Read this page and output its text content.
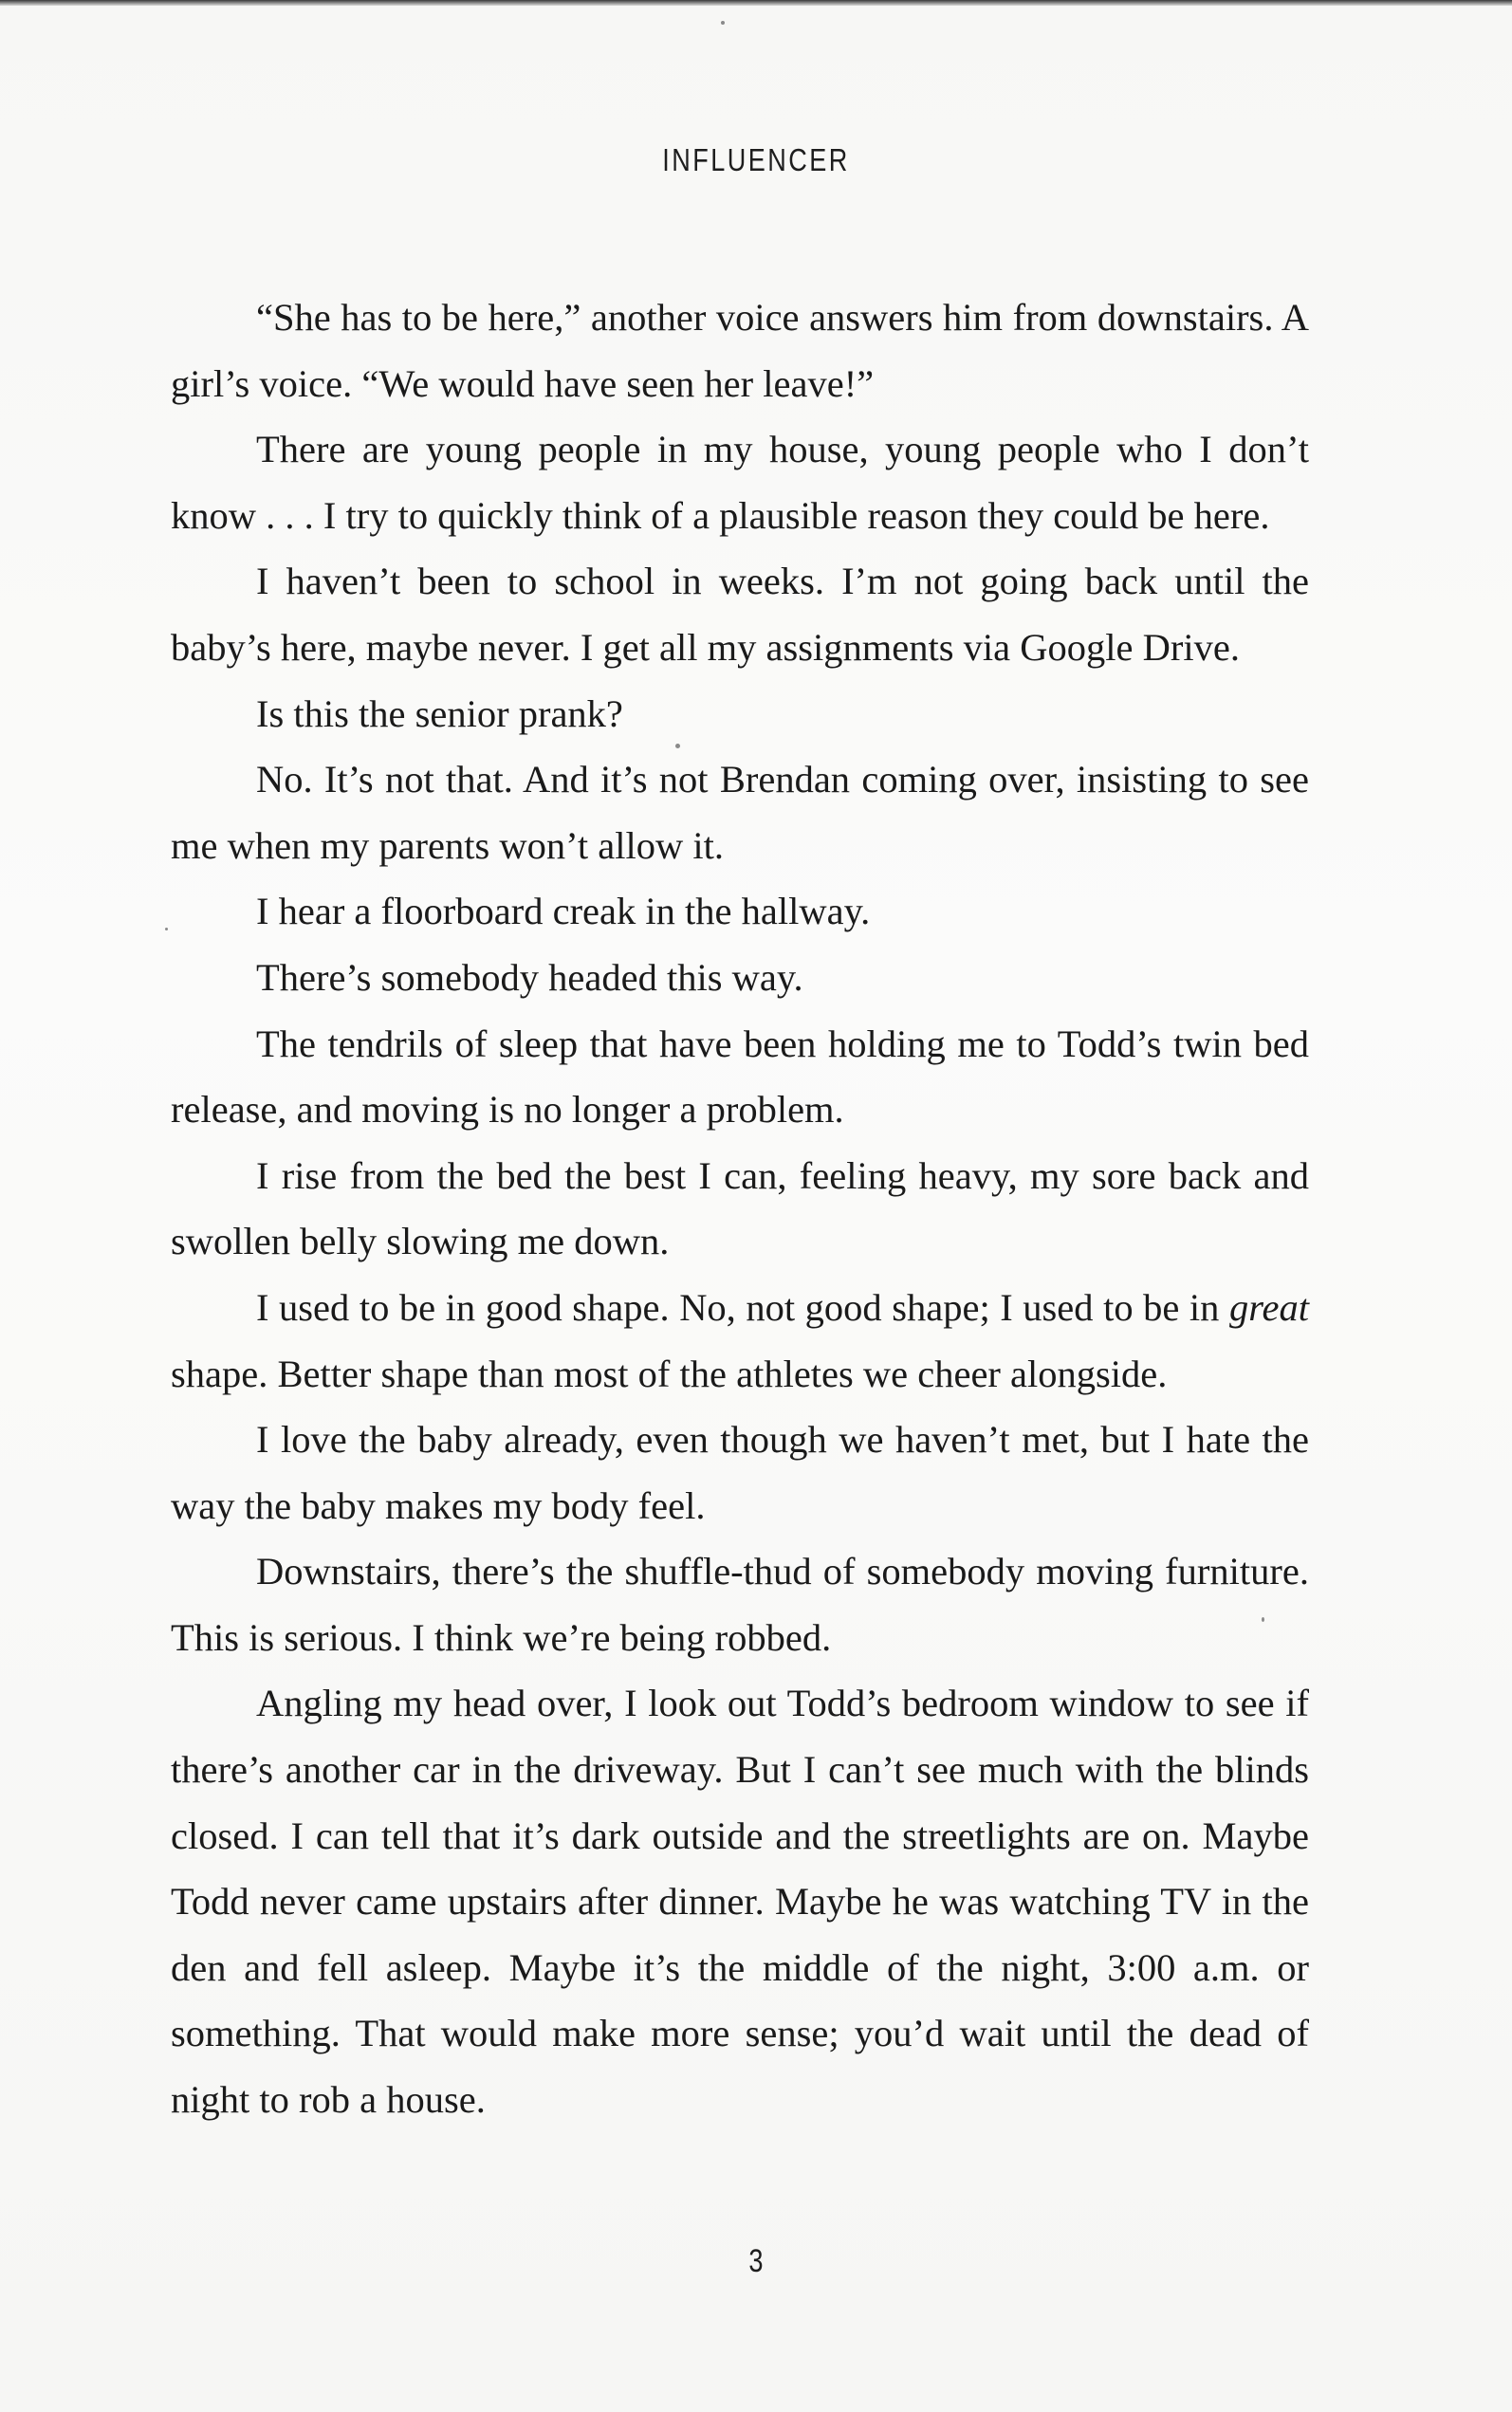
INFLUENCER

“She has to be here,” another voice answers him from downstairs. A girl’s voice. “We would have seen her leave!”

There are young people in my house, young people who I don’t know . . . I try to quickly think of a plausible reason they could be here.

I haven’t been to school in weeks. I’m not going back until the baby’s here, maybe never. I get all my assignments via Google Drive.

Is this the senior prank?

No. It’s not that. And it’s not Brendan coming over, insisting to see me when my parents won’t allow it.

I hear a floorboard creak in the hallway.

There’s somebody headed this way.

The tendrils of sleep that have been holding me to Todd’s twin bed release, and moving is no longer a problem.

I rise from the bed the best I can, feeling heavy, my sore back and swollen belly slowing me down.

I used to be in good shape. No, not good shape; I used to be in great shape. Better shape than most of the athletes we cheer alongside.

I love the baby already, even though we haven’t met, but I hate the way the baby makes my body feel.

Downstairs, there’s the shuffle-thud of somebody moving furniture. This is serious. I think we’re being robbed.

Angling my head over, I look out Todd’s bedroom window to see if there’s another car in the driveway. But I can’t see much with the blinds closed. I can tell that it’s dark outside and the streetlights are on. Maybe Todd never came upstairs after dinner. Maybe he was watching TV in the den and fell asleep. Maybe it’s the middle of the night, 3:00 a.m. or something. That would make more sense; you’d wait until the dead of night to rob a house.

3
